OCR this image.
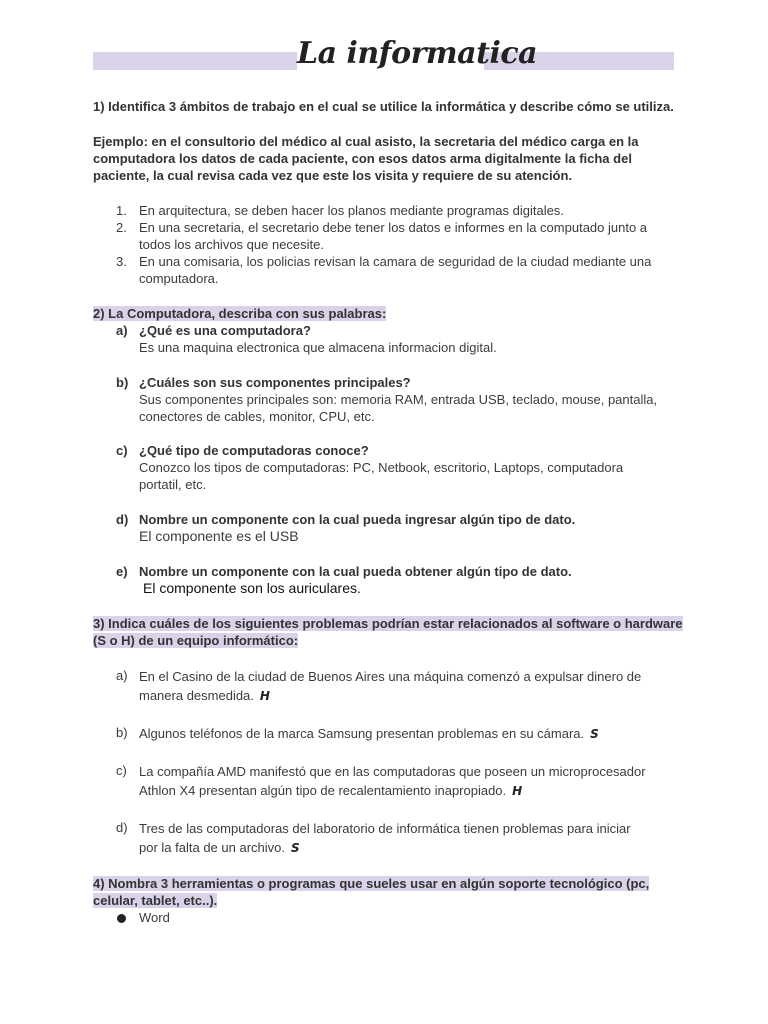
La informatica
1) Identifica 3 ámbitos de trabajo en el cual se utilice la informática y describe cómo se utiliza.
Ejemplo: en el consultorio del médico al cual asisto, la secretaria del médico carga en la
computadora los datos de cada paciente, con esos datos arma digitalmente la ficha del
paciente, la cual revisa cada vez que este los visita y requiere de su atención.
1. En arquitectura, se deben hacer los planos mediante programas digitales.
2. En una secretaria, el secretario debe tener los datos e informes en la computado junto a
todos los archivos que necesite.
3. En una comisaria, los policias revisan la camara de seguridad de la ciudad mediante una
computadora.
2) La Computadora, describa con sus palabras:
a) ¿Qué es una computadora?
Es una maquina electronica que almacena informacion digital.
b) ¿Cuáles son sus componentes principales?
Sus componentes principales son: memoria RAM, entrada USB, teclado, mouse, pantalla,
conectores de cables, monitor, CPU, etc.
c) ¿Qué tipo de computadoras conoce?
Conozco los tipos de computadoras: PC, Netbook, escritorio, Laptops, computadora
portatil, etc.
d) Nombre un componente con la cual pueda ingresar algún tipo de dato.
El componente es el USB
e) Nombre un componente con la cual pueda obtener algún tipo de dato.
El componente son los auriculares.
3) Indica cuáles de los siguientes problemas podrían estar relacionados al software o hardware
(S o H) de un equipo informático:
a) En el Casino de la ciudad de Buenos Aires una máquina comenzó a expulsar dinero de
manera desmedida. H
b) Algunos teléfonos de la marca Samsung presentan problemas en su cámara. S
c) La compañía AMD manifestó que en las computadoras que poseen un microprocesador
Athlon X4 presentan algún tipo de recalentamiento inapropiado. H
d) Tres de las computadoras del laboratorio de informática tienen problemas para iniciar
por la falta de un archivo. S
4) Nombra 3 herramientas o programas que sueles usar en algún soporte tecnológico (pc,
celular, tablet, etc..).
Word
